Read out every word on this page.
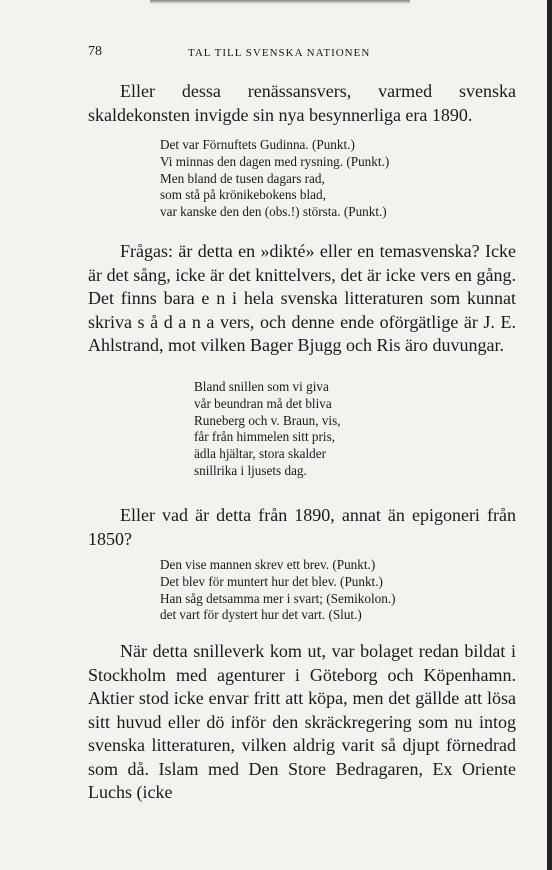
78	TAL TILL SVENSKA NATIONEN

Eller dessa renässansvers, varmed svenska skaldekonsten invigde sin nya besynnerliga era 1890.

Det var Förnuftets Gudinna. (Punkt.)
Vi minnas den dagen med rysning. (Punkt.)
Men bland de tusen dagars rad,
som stå på krönikebokens blad,
var kanske den den (obs.!) största. (Punkt.)

Frågas: är detta en »dikté» eller en temasvenska? Icke är det sång, icke är det knittelvers, det är icke vers en gång. Det finns bara e n i hela svenska litteraturen som kunnat skriva s å d a n a vers, och denne ende oförgätlige är J. E. Ahlstrand, mot vilken Bager Bjugg och Ris äro duvungar.

Bland snillen som vi giva
vår beundran må det bliva
Runeberg och v. Braun, vis,
får från himmelen sitt pris,
ädla hjältar, stora skalder
snillrika i ljusets dag.

Eller vad är detta från 1890, annat än epigoneri från 1850?

Den vise mannen skrev ett brev. (Punkt.)
Det blev för muntert hur det blev. (Punkt.)
Han såg detsamma mer i svart; (Semikolon.)
det vart för dystert hur det vart. (Slut.)

När detta snilleverk kom ut, var bolaget redan bildat i Stockholm med agenturer i Göteborg och Köpenhamn. Aktier stod icke envar fritt att köpa, men det gällde att lösa sitt huvud eller dö inför den skräckregering som nu intog svenska litteraturen, vilken aldrig varit så djupt förnedrad som då. Islam med Den Store Bedragaren, Ex Oriente Luchs (icke
